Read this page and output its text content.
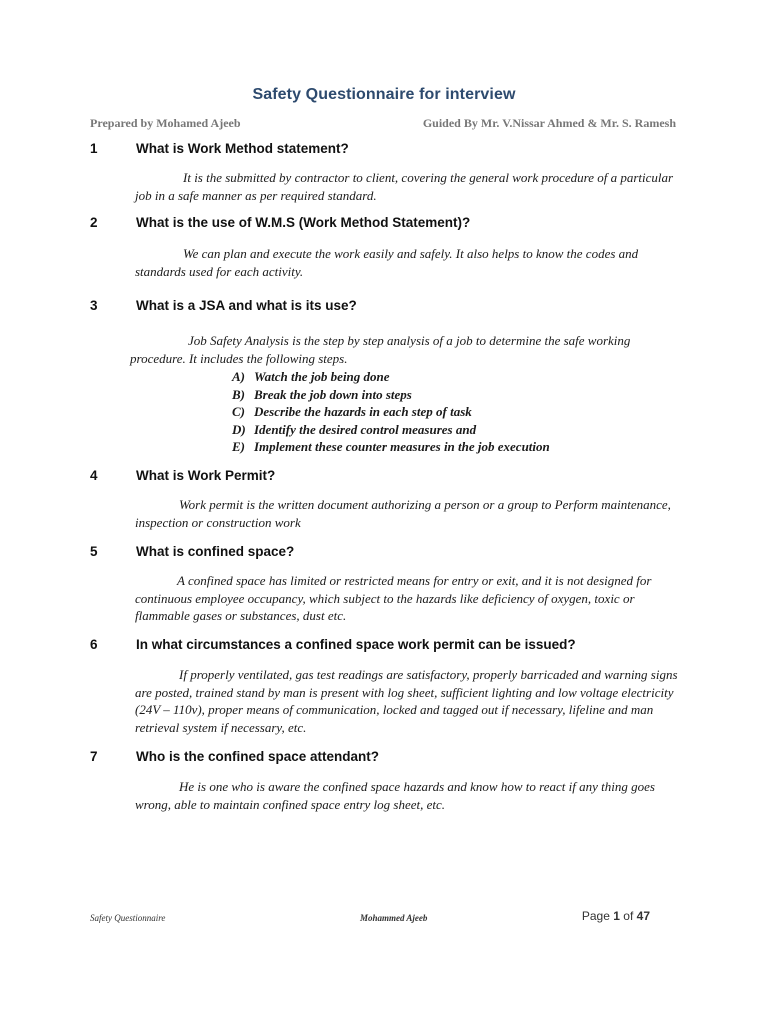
Safety Questionnaire for interview
Prepared by Mohamed Ajeeb	Guided By Mr. V.Nissar Ahmed & Mr. S. Ramesh
1	What is Work Method statement?

It is the submitted by contractor to client, covering the general work procedure of a particular job in a safe manner as per required standard.

2	What is the use of W.M.S (Work Method Statement)?

We can plan and execute the work easily and safely. It also helps to know the codes and standards used for each activity.

3	What is a JSA and what is its use?

Job Safety Analysis is the step by step analysis of a job to determine the safe working procedure. It includes the following steps.

A) Watch the job being done
B) Break the job down into steps
C) Describe the hazards in each step of task
D) Identify the desired control measures and
E) Implement these counter measures in the job execution
4	What is Work Permit?

Work permit is the written document authorizing a person or a group to Perform maintenance, inspection or construction work

5	What is confined space?

A confined space has limited or restricted means for entry or exit, and it is not designed for continuous employee occupancy, which subject to the hazards like deficiency of oxygen, toxic or flammable gases or substances, dust etc.

6	In what circumstances a confined space work permit can be issued?

If properly ventilated, gas test readings are satisfactory, properly barricaded and warning signs are posted, trained stand by man is present with log sheet, sufficient lighting and low voltage electricity (24V – 110v), proper means of communication, locked and tagged out if necessary, lifeline and man retrieval system if necessary, etc.

7	Who is the confined space attendant?

He is one who is aware the confined space hazards and know how to react if any thing goes wrong, able to maintain confined space entry log sheet, etc.

Safety Questionnaire	Mohammed Ajeeb	Page 1 of 47
